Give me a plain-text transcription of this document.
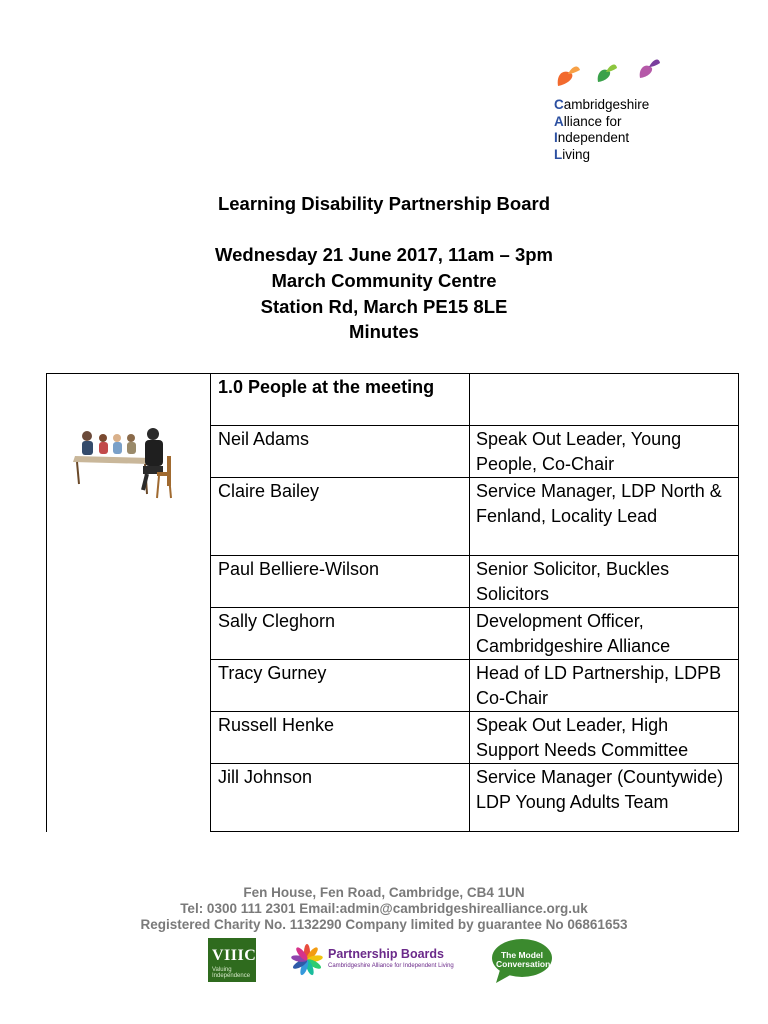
Cambridgeshire
Alliance for
Independent
Living
Learning Disability Partnership Board
Wednesday 21 June 2017, 11am – 3pm
March Community Centre
Station Rd, March PE15 8LE
Minutes
	1.0 People at the meeting	
	Neil Adams	Speak Out Leader, Young People, Co-Chair
	Claire Bailey	Service Manager, LDP North & Fenland, Locality Lead
	Paul Belliere-Wilson	Senior Solicitor, Buckles Solicitors
	Sally Cleghorn	Development Officer, Cambridgeshire Alliance
	Tracy Gurney	Head of LD Partnership, LDPB Co-Chair
	Russell Henke	Speak Out Leader, High Support Needs Committee
	Jill Johnson	Service Manager (Countywide) LDP Young Adults Team
Fen House, Fen Road, Cambridge, CB4 1UN
Tel: 0300 111 2301 Email:admin@cambridgeshirealliance.org.uk
Registered Charity No. 1132290 Company limited by guarantee No 06861653
VIIIC
Valuing Independence
Partnership Boards
Cambridgeshire Alliance for Independent Living
The Model Conversation
